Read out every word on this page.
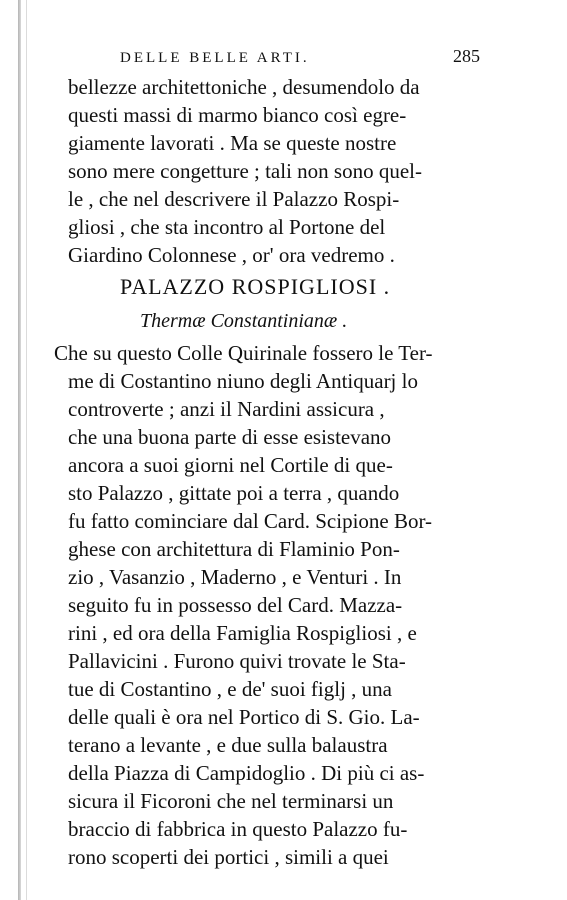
DELLE BELLE ARTI.	285
bellezze architettoniche , desumendolo da
questi massi di marmo bianco così egre-
giamente lavorati . Ma se queste nostre
sono mere congetture ; tali non sono quel-
le , che nel descrivere il Palazzo Rospi-
gliosi , che sta incontro al Portone del
Giardino Colonnese , or' ora vedremo .
PALAZZO ROSPIGLIOSI .
Thermæ Constantinianæ .
Che su questo Colle Quirinale fossero le Ter-
me di Costantino niuno degli Antiquarj lo
controverte ; anzi il Nardini assicura ,
che una buona parte di esse esistevano
ancora a suoi giorni nel Cortile di que-
sto Palazzo , gittate poi a terra , quando
fu fatto cominciare dal Card. Scipione Bor-
ghese con architettura di Flaminio Pon-
zio , Vasanzio , Maderno , e Venturi . In
seguito fu in possesso del Card. Mazza-
rini , ed ora della Famiglia Rospigliosi , e
Pallavicini . Furono quivi trovate le Sta-
tue di Costantino , e de' suoi figlj , una
delle quali è ora nel Portico di S. Gio. La-
terano a levante , e due sulla balaustra
della Piazza di Campidoglio . Di più ci as-
sicura il Ficoroni che nel terminarsi un
braccio di fabbrica in questo Palazzo fu-
rono scoperti dei portici , simili a quei
